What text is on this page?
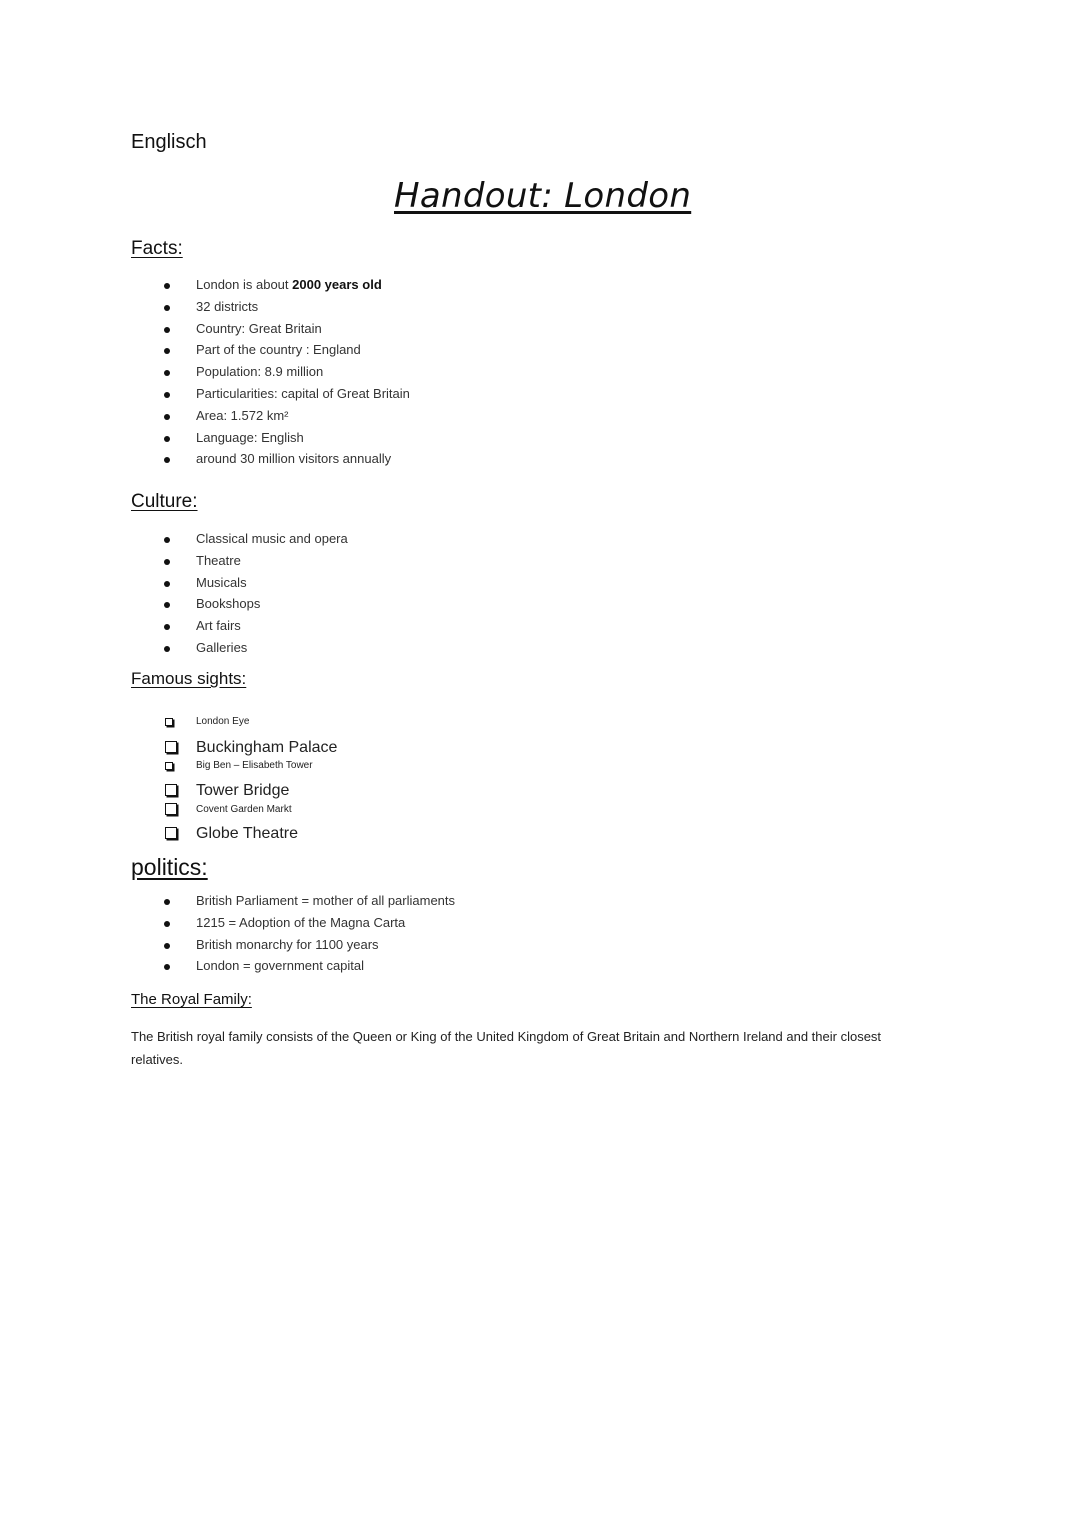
Englisch
Handout: London
Facts:
London is about 2000 years old
32 districts
Country: Great Britain
Part of the country : England
Population: 8.9 million
Particularities: capital of Great Britain
Area: 1.572 km²
Language: English
around 30 million visitors annually
Culture:
Classical music and opera
Theatre
Musicals
Bookshops
Art fairs
Galleries
Famous sights:
London Eye
Buckingham Palace
Big Ben – Elisabeth Tower
Tower Bridge
Covent Garden Markt
Globe Theatre
politics:
British Parliament = mother of all parliaments
1215 = Adoption of the Magna Carta
British monarchy for 1100 years
London = government capital
The Royal Family:
The British royal family consists of the Queen or King of the United Kingdom of Great Britain and Northern Ireland and their closest relatives.
